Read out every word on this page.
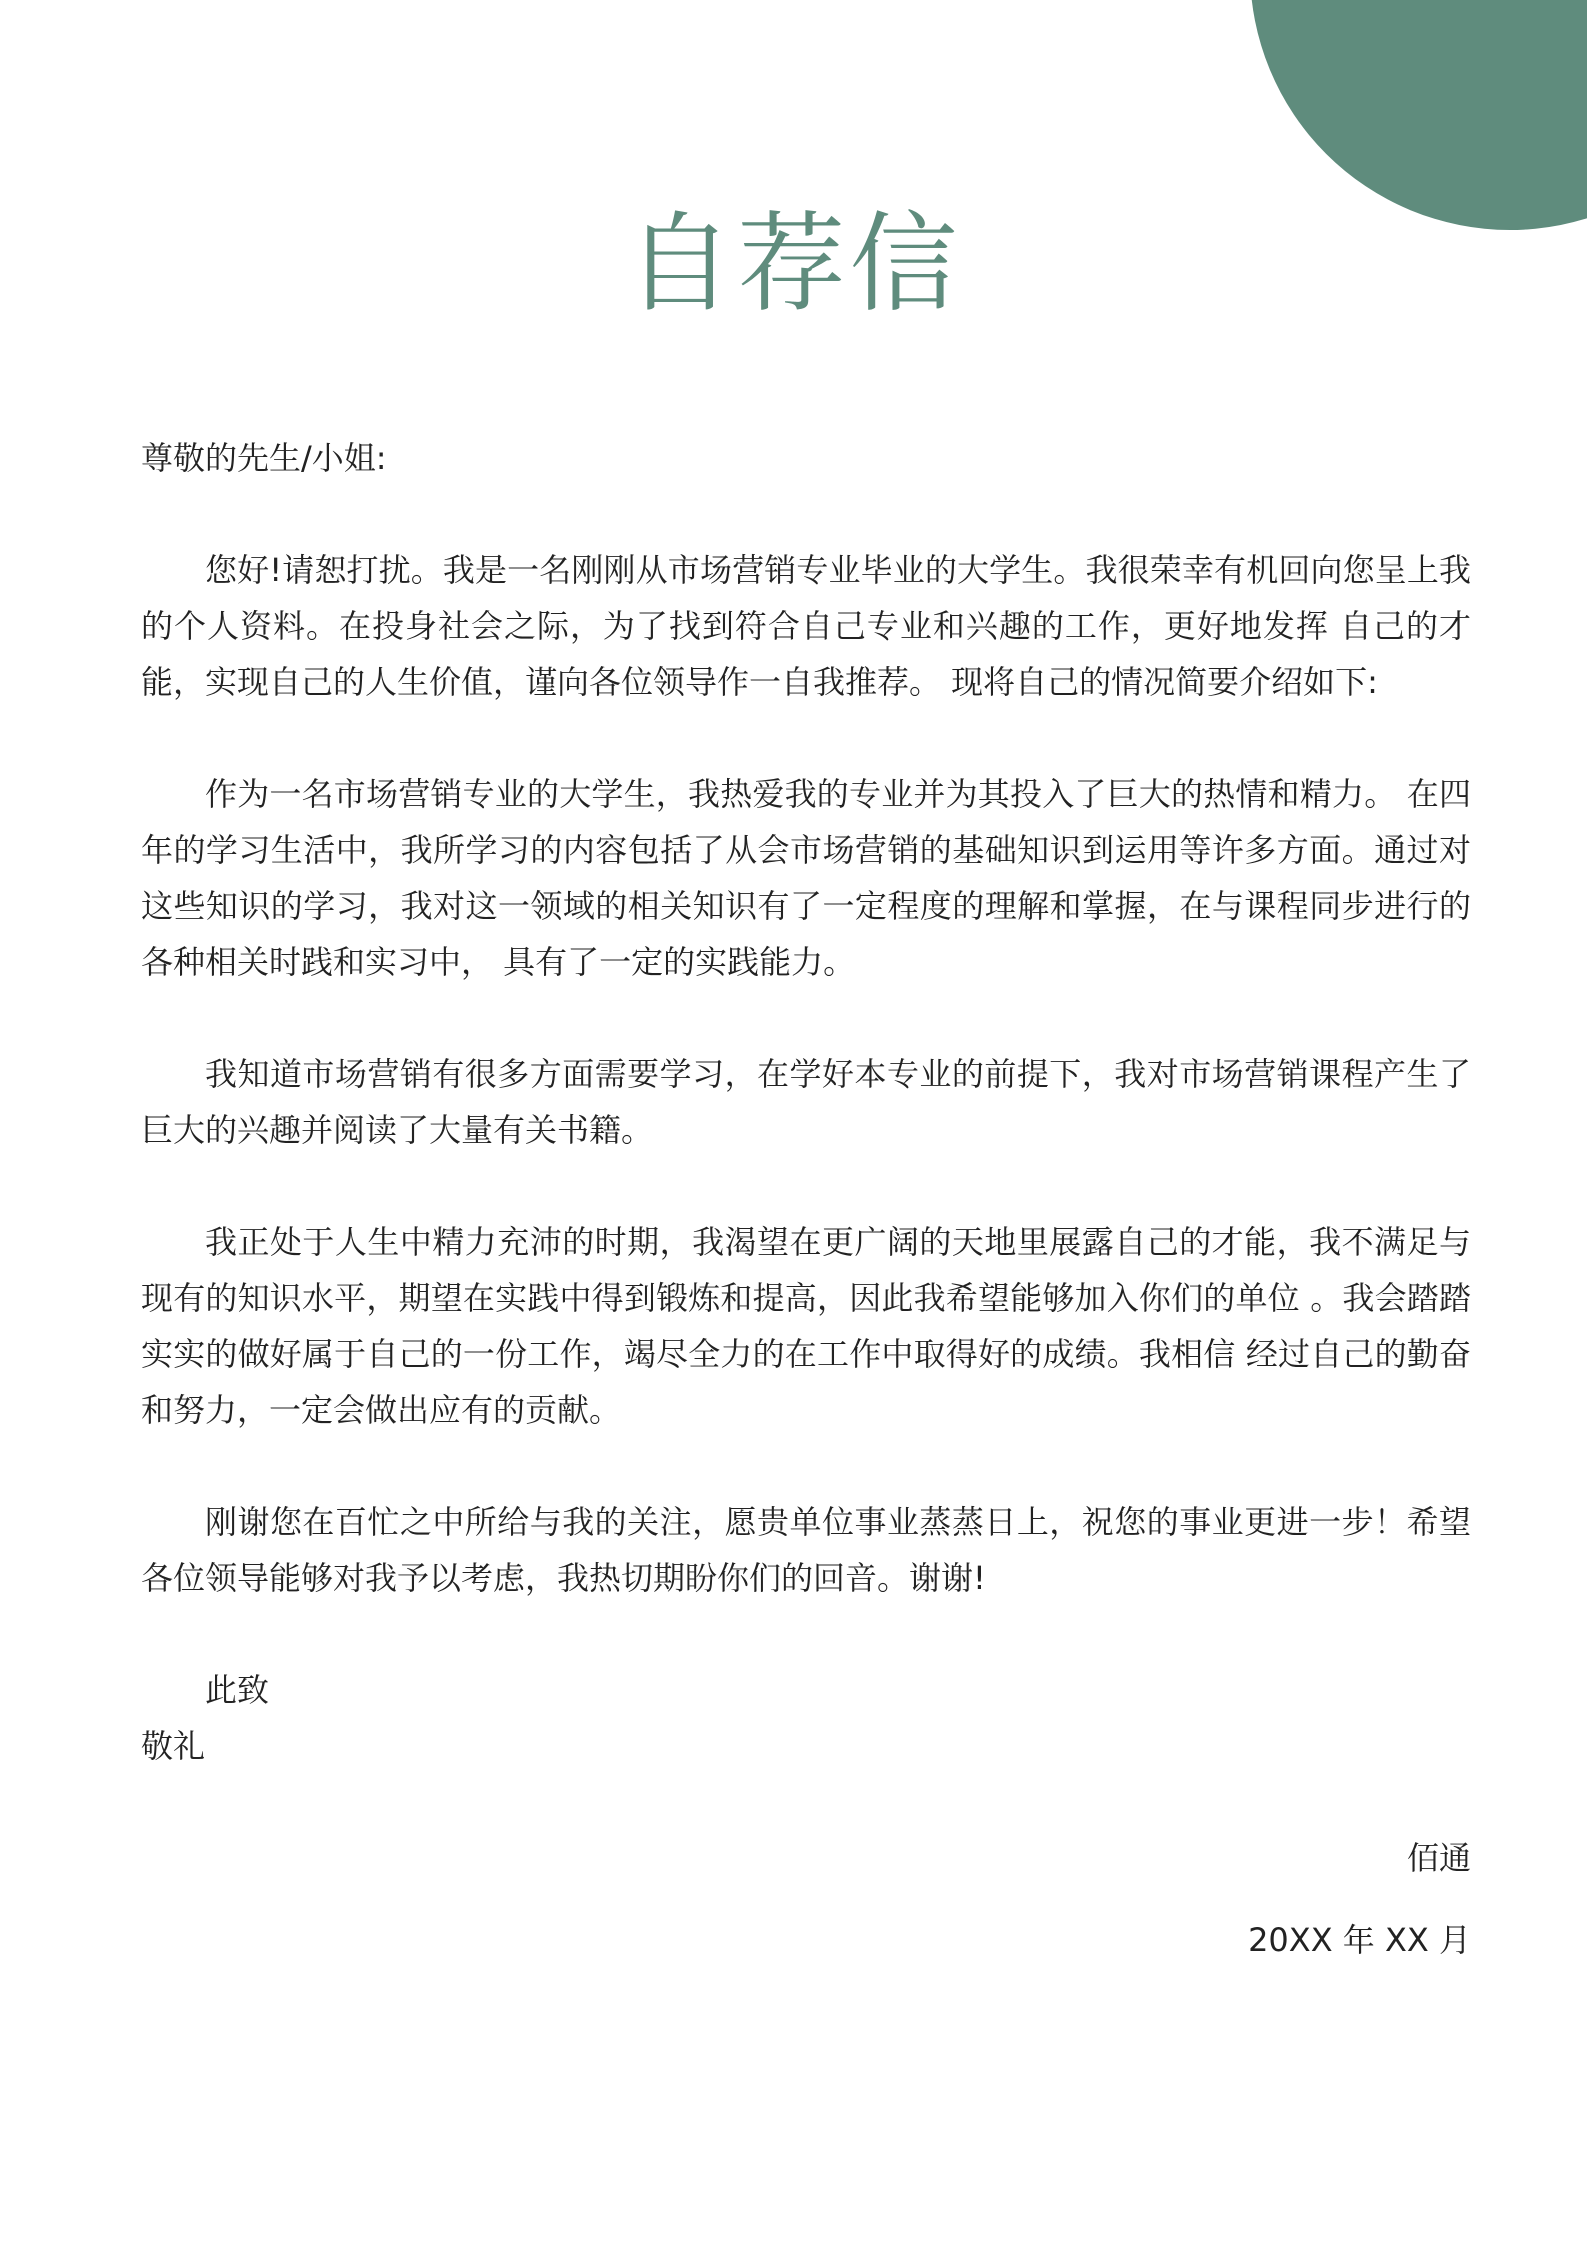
自荐信

尊敬的先生/小姐:

您好!请恕打扰。我是一名刚刚从市场营销专业毕业的大学生。我很荣幸有机回向您呈上我的个人资料。在投身社会之际，为了找到符合自己专业和兴趣的工作，更好地发挥 自己的才能，实现自己的人生价值，谨向各位领导作一自我推荐。 现将自己的情况简要介绍如下:

作为一名市场营销专业的大学生，我热爱我的专业并为其投入了巨大的热情和精力。 在四年的学习生活中，我所学习的内容包括了从会市场营销的基础知识到运用等许多方面。通过对这些知识的学习，我对这一领域的相关知识有了一定程度的理解和掌握，在与课程同步进行的各种相关时践和实习中， 具有了一定的实践能力。

我知道市场营销有很多方面需要学习，在学好本专业的前提下，我对市场营销课程产生了巨大的兴趣并阅读了大量有关书籍。

我正处于人生中精力充沛的时期，我渴望在更广阔的天地里展露自己的才能，我不满足与现有的知识水平，期望在实践中得到锻炼和提高，因此我希望能够加入你们的单位 。我会踏踏实实的做好属于自己的一份工作，竭尽全力的在工作中取得好的成绩。我相信 经过自己的勤奋和努力，一定会做出应有的贡献。

刚谢您在百忙之中所给与我的关注，愿贵单位事业蒸蒸日上，祝您的事业更进一步！希望各位领导能够对我予以考虑，我热切期盼你们的回音。谢谢!

此致

敬礼

佰通

20XX 年 XX 月
